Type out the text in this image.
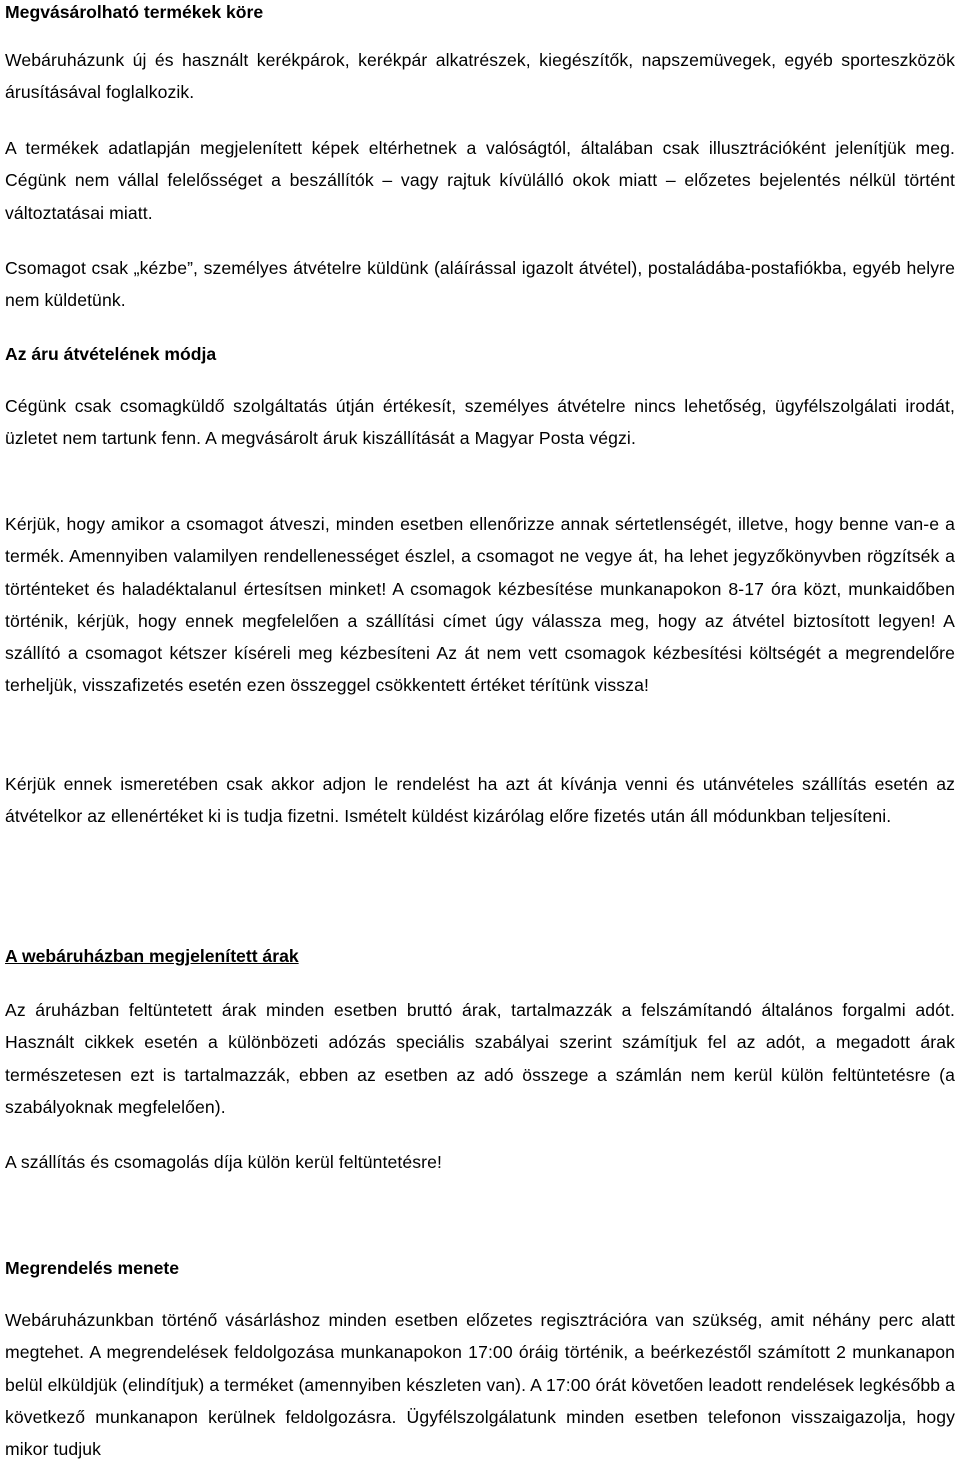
Megvásárolható termékek köre

Webáruházunk új és használt kerékpárok, kerékpár alkatrészek, kiegészítők, napszemüvegek, egyéb sporteszközök árusításával foglalkozik.

A termékek adatlapján megjelenített képek eltérhetnek a valóságtól, általában csak illusztrációként jelenítjük meg. Cégünk nem vállal felelősséget a beszállítók – vagy rajtuk kívülálló okok miatt – előzetes bejelentés nélkül történt változtatásai miatt.

Csomagot csak „kézbe”, személyes átvételre küldünk (aláírással igazolt átvétel), postaládába-postafiókba, egyéb helyre nem küldetünk.

Az áru átvételének módja

Cégünk csak csomagküldő szolgáltatás útján értékesít, személyes átvételre nincs lehetőség, ügyfélszolgálati irodát, üzletet nem tartunk fenn. A megvásárolt áruk kiszállítását a Magyar Posta végzi.

Kérjük, hogy amikor a csomagot átveszi, minden esetben ellenőrizze annak sértetlenségét, illetve, hogy benne van-e a termék. Amennyiben valamilyen rendellenességet észlel, a csomagot ne vegye át, ha lehet jegyzőkönyvben rögzítsék a történteket és haladéktalanul értesítsen minket! A csomagok kézbesítése munkanapokon 8-17 óra közt, munkaidőben történik, kérjük, hogy ennek megfelelően a szállítási címet úgy válassza meg, hogy az átvétel biztosított legyen! A szállító a csomagot kétszer kíséreli meg kézbesíteni Az át nem vett csomagok kézbesítési költségét a megrendelőre terheljük, visszafizetés esetén ezen összeggel csökkentett értéket térítünk vissza!

Kérjük ennek ismeretében csak akkor adjon le rendelést ha azt át kívánja venni és utánvételes szállítás esetén az átvételkor az ellenértéket ki is tudja fizetni. Ismételt küldést kizárólag előre fizetés után áll módunkban teljesíteni.

A webáruházban megjelenített árak

Az áruházban feltüntetett árak minden esetben bruttó árak, tartalmazzák a felszámítandó általános forgalmi adót. Használt cikkek esetén a különbözeti adózás speciális szabályai szerint számítjuk fel az adót, a megadott árak természetesen ezt is tartalmazzák, ebben az esetben az adó összege a számlán nem kerül külön feltüntetésre (a szabályoknak megfelelően).

A szállítás és csomagolás díja külön kerül feltüntetésre!

Megrendelés menete

Webáruházunkban történő vásárláshoz minden esetben előzetes regisztrációra van szükség, amit néhány perc alatt megtehet. A megrendelések feldolgozása munkanapokon 17:00 óráig történik, a beérkezéstől számított 2 munkanapon belül elküldjük (elindítjuk) a terméket (amennyiben készleten van). A 17:00 órát követően leadott rendelések legkésőbb a következő munkanapon kerülnek feldolgozásra. Ügyfélszolgálatunk minden esetben telefonon visszaigazolja, hogy mikor tudjuk
